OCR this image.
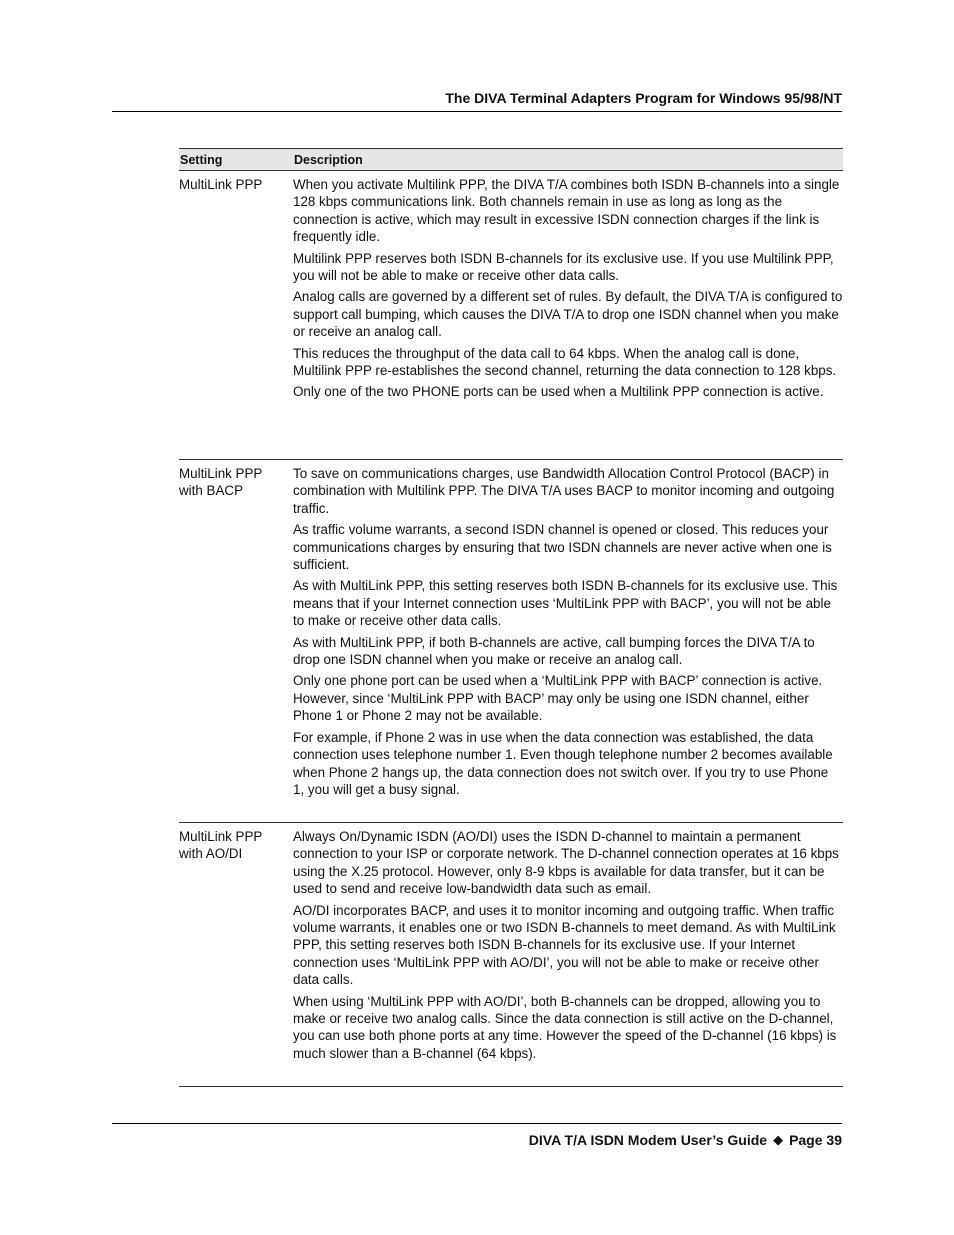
The DIVA Terminal Adapters Program for Windows 95/98/NT
Setting	Description
MultiLink PPP	When you activate Multilink PPP, the DIVA T/A combines both ISDN B-channels into a single 128 kbps communications link. Both channels remain in use as long as long as the connection is active, which may result in excessive ISDN connection charges if the link is frequently idle.

Multilink PPP reserves both ISDN B-channels for its exclusive use. If you use Multilink PPP, you will not be able to make or receive other data calls.

Analog calls are governed by a different set of rules. By default, the DIVA T/A is configured to support call bumping, which causes the DIVA T/A to drop one ISDN channel when you make or receive an analog call.

This reduces the throughput of the data call to 64 kbps. When the analog call is done, Multilink PPP re-establishes the second channel, returning the data connection to 128 kbps.

Only one of the two PHONE ports can be used when a Multilink PPP connection is active.

MultiLink PPP
with BACP

To save on communications charges, use Bandwidth Allocation Control Protocol (BACP) in combination with Multilink PPP. The DIVA T/A uses BACP to monitor incoming and outgoing traffic.

As traffic volume warrants, a second ISDN channel is opened or closed. This reduces your communications charges by ensuring that two ISDN channels are never active when one is sufficient.

As with MultiLink PPP, this setting reserves both ISDN B-channels for its exclusive use. This means that if your Internet connection uses ‘MultiLink PPP with BACP’, you will not be able to make or receive other data calls.

As with MultiLink PPP, if both B-channels are active, call bumping forces the DIVA T/A to drop one ISDN channel when you make or receive an analog call.

Only one phone port can be used when a ‘MultiLink PPP with BACP’ connection is active. However, since ‘MultiLink PPP with BACP’ may only be using one ISDN channel, either Phone 1 or Phone 2 may not be available.

For example, if Phone 2 was in use when the data connection was established, the data connection uses telephone number 1. Even though telephone number 2 becomes available when Phone 2 hangs up, the data connection does not switch over. If you try to use Phone 1, you will get a busy signal.

MultiLink PPP
with AO/DI

Always On/Dynamic ISDN (AO/DI) uses the ISDN D-channel to maintain a permanent connection to your ISP or corporate network. The D-channel connection operates at 16 kbps using the X.25 protocol. However, only 8-9 kbps is available for data transfer, but it can be used to send and receive low-bandwidth data such as email.

AO/DI incorporates BACP, and uses it to monitor incoming and outgoing traffic. When traffic volume warrants, it enables one or two ISDN B-channels to meet demand. As with MultiLink PPP, this setting reserves both ISDN B-channels for its exclusive use. If your Internet connection uses ‘MultiLink PPP with AO/DI’, you will not be able to make or receive other data calls.

When using ‘MultiLink PPP with AO/DI’, both B-channels can be dropped, allowing you to make or receive two analog calls. Since the data connection is still active on the D-channel, you can use both phone ports at any time. However the speed of the D-channel (16 kbps) is much slower than a B-channel (64 kbps).

DIVA T/A ISDN Modem User’s Guide ◆ Page 39
